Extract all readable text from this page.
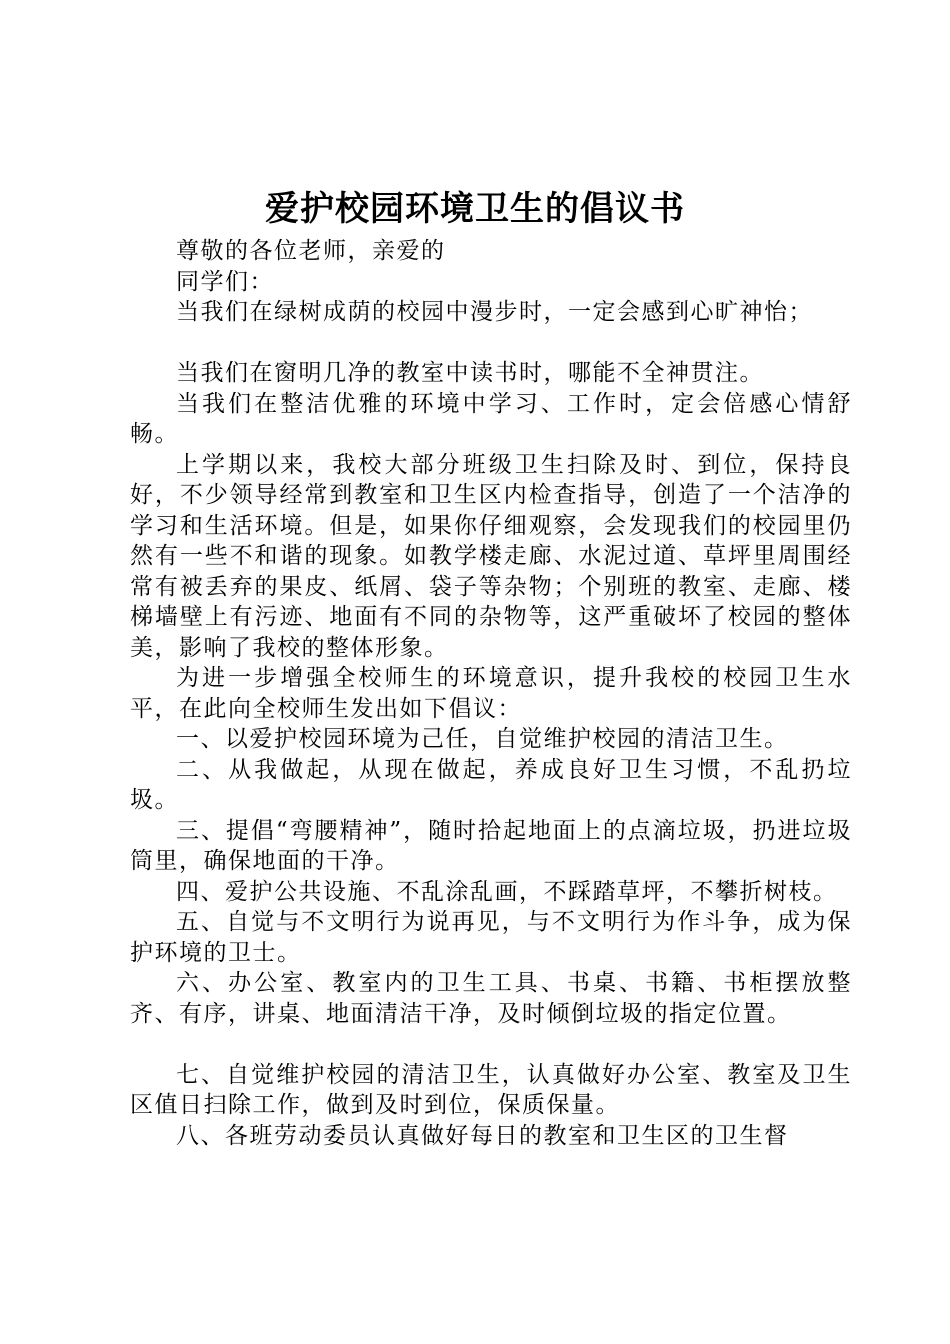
爱护校园环境卫生的倡议书

尊敬的各位老师，亲爱的

同学们：

当我们在绿树成荫的校园中漫步时，一定会感到心旷神怡；

当我们在窗明几净的教室中读书时，哪能不全神贯注。

当我们在整洁优雅的环境中学习、工作时，定会倍感心情舒畅。

上学期以来，我校大部分班级卫生扫除及时、到位，保持良好，不少领导经常到教室和卫生区内检查指导，创造了一个洁净的学习和生活环境。但是，如果你仔细观察，会发现我们的校园里仍然有一些不和谐的现象。如教学楼走廊、水泥过道、草坪里周围经常有被丢弃的果皮、纸屑、袋子等杂物；个别班的教室、走廊、楼梯墙壁上有污迹、地面有不同的杂物等，这严重破坏了校园的整体美，影响了我校的整体形象。

为进一步增强全校师生的环境意识，提升我校的校园卫生水平，在此向全校师生发出如下倡议：

一、以爱护校园环境为己任，自觉维护校园的清洁卫生。

二、从我做起，从现在做起，养成良好卫生习惯，不乱扔垃圾。

三、提倡“弯腰精神”，随时拾起地面上的点滴垃圾，扔进垃圾筒里，确保地面的干净。

四、爱护公共设施、不乱涂乱画，不踩踏草坪，不攀折树枝。

五、自觉与不文明行为说再见，与不文明行为作斗争，成为保护环境的卫士。

六、办公室、教室内的卫生工具、书桌、书籍、书柜摆放整齐、有序，讲桌、地面清洁干净，及时倾倒垃圾的指定位置。

七、自觉维护校园的清洁卫生，认真做好办公室、教室及卫生区值日扫除工作，做到及时到位，保质保量。

八、各班劳动委员认真做好每日的教室和卫生区的卫生督
